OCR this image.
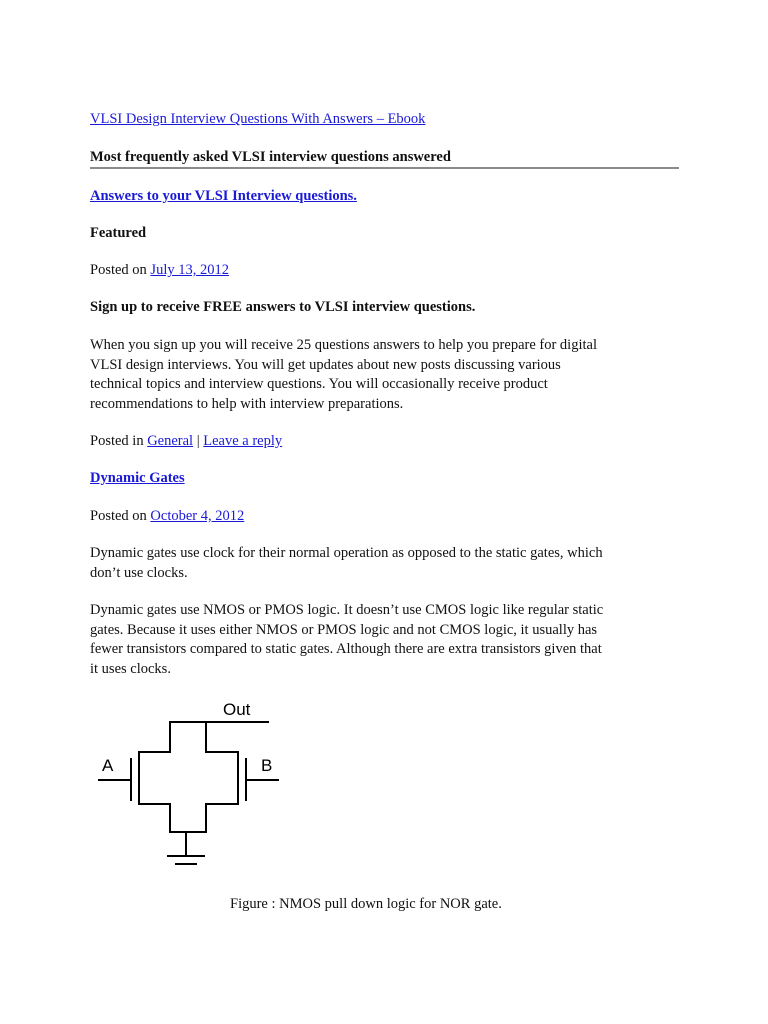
VLSI Design Interview Questions With Answers – Ebook

Most frequently asked VLSI interview questions answered

Answers to your VLSI Interview questions.

Featured

Posted on July 13, 2012

Sign up to receive FREE answers to VLSI interview questions.

When you sign up you will receive 25 questions answers to help you prepare for digital
VLSI design interviews. You will get updates about new posts discussing various
technical topics and interview questions. You will occasionally receive product
recommendations to help with interview preparations.

Posted in General | Leave a reply

Dynamic Gates

Posted on October 4, 2012

Dynamic gates use clock for their normal operation as opposed to the static gates, which
don’t use clocks.
Dynamic gates use NMOS or PMOS logic. It doesn’t use CMOS logic like regular static
gates. Because it uses either NMOS or PMOS logic and not CMOS logic, it usually has
fewer transistors compared to static gates. Although there are extra transistors given that
it uses clocks.
Out
A	B

Figure : NMOS pull down logic for NOR gate.
